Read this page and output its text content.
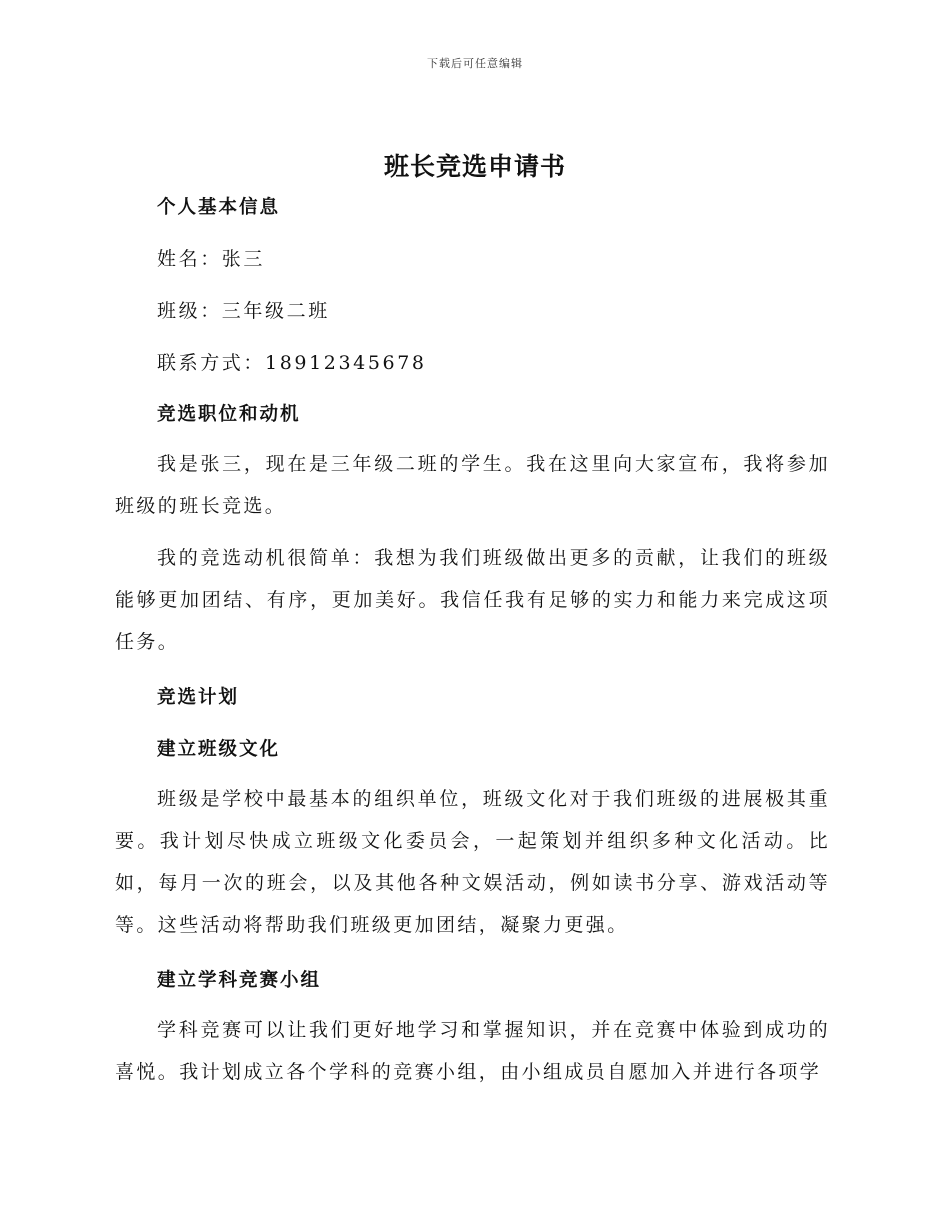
下载后可任意编辑
班长竞选申请书

个人基本信息

姓名：张三

班级：三年级二班

联系方式：18912345678

竞选职位和动机

我是张三，现在是三年级二班的学生。我在这里向大家宣布，我将参加班级的班长竞选。

我的竞选动机很简单：我想为我们班级做出更多的贡献，让我们的班级能够更加团结、有序，更加美好。我信任我有足够的实力和能力来完成这项任务。

竞选计划

建立班级文化

班级是学校中最基本的组织单位，班级文化对于我们班级的进展极其重要。我计划尽快成立班级文化委员会，一起策划并组织多种文化活动。比如，每月一次的班会，以及其他各种文娱活动，例如读书分享、游戏活动等等。这些活动将帮助我们班级更加团结，凝聚力更强。

建立学科竞赛小组

学科竞赛可以让我们更好地学习和掌握知识，并在竞赛中体验到成功的喜悦。我计划成立各个学科的竞赛小组，由小组成员自愿加入并进行各项学
